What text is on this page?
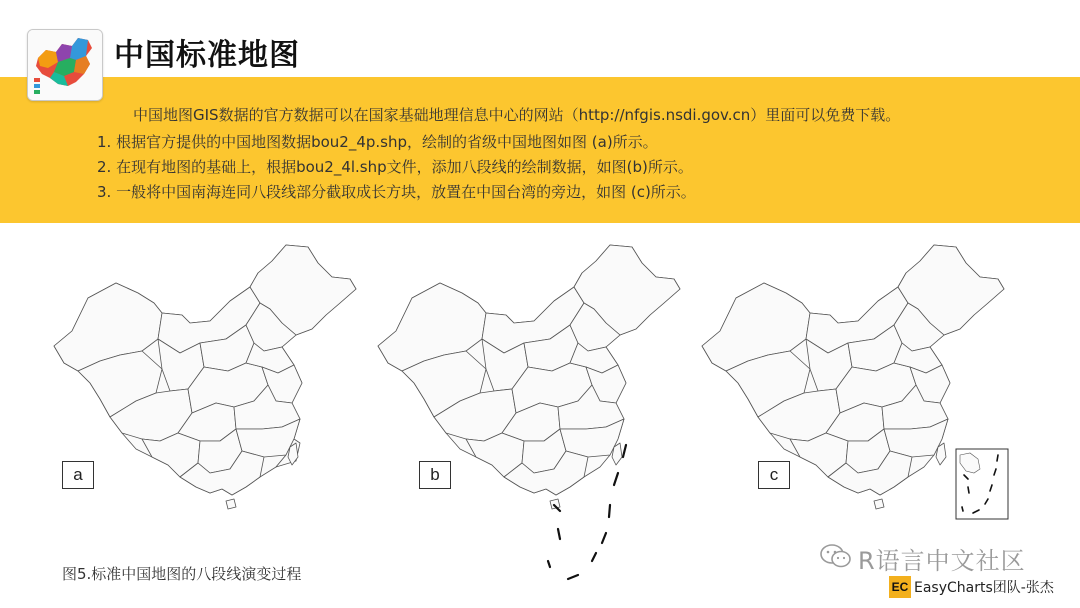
中国标准地图

中国地图GIS数据的官方数据可以在国家基础地理信息中心的网站（http://nfgis.nsdi.gov.cn）里面可以免费下载。

1. 根据官方提供的中国地图数据bou2_4p.shp，绘制的省级中国地图如图 (a)所示。

2. 在现有地图的基础上，根据bou2_4l.shp文件，添加八段线的绘制数据，如图(b)所示。

3. 一般将中国南海连同八段线部分截取成长方块，放置在中国台湾的旁边，如图 (c)所示。

a	b	c
图5.标准中国地图的八段线演变过程	R语言中文社区
EC EasyCharts团队-张杰
